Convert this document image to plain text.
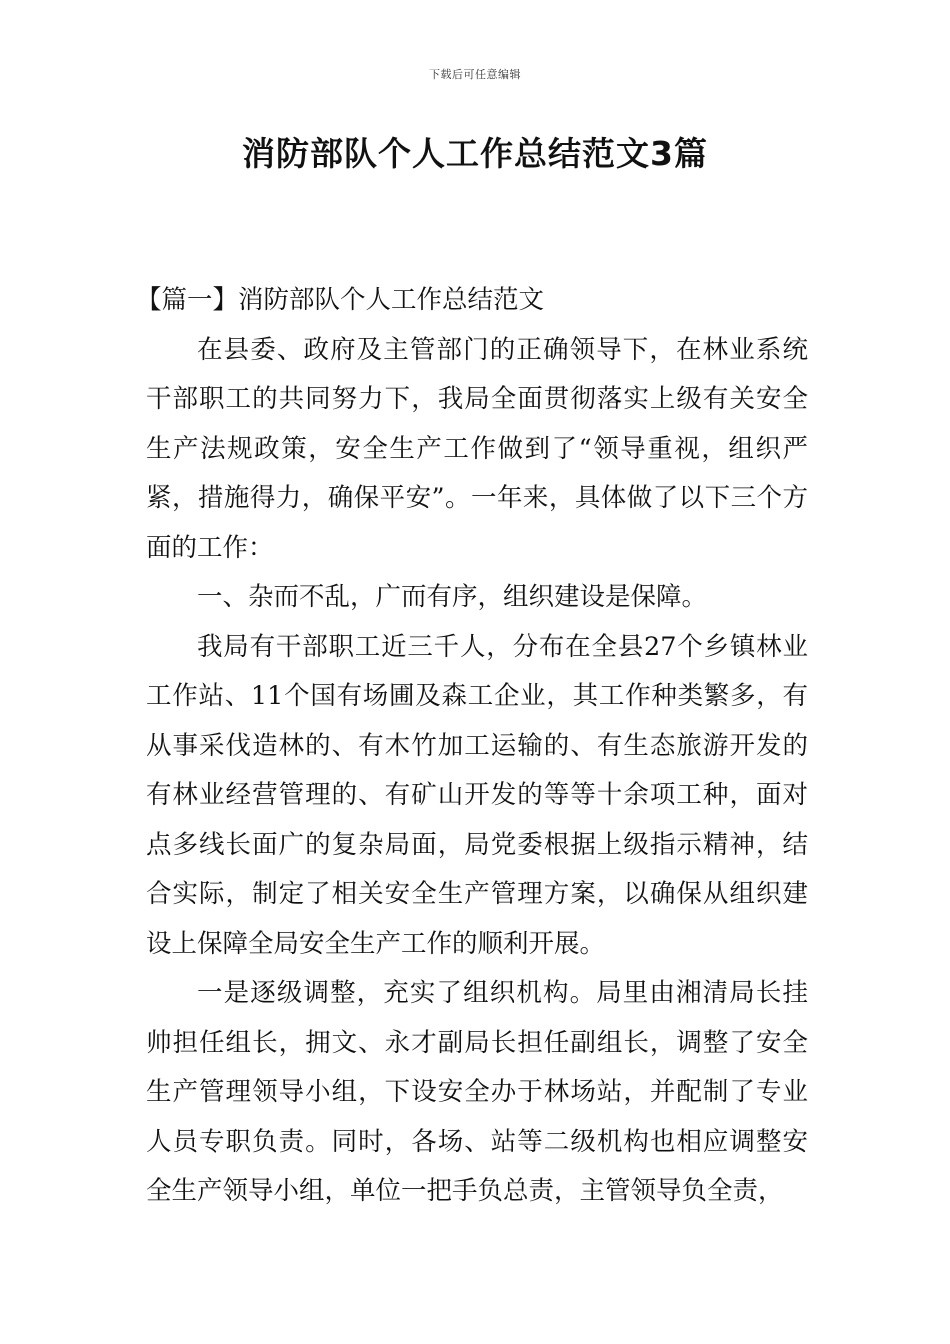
下载后可任意编辑
消防部队个人工作总结范文3篇

【篇一】消防部队个人工作总结范文

在县委、政府及主管部门的正确领导下，在林业系统干部职工的共同努力下，我局全面贯彻落实上级有关安全生产法规政策，安全生产工作做到了“领导重视，组织严紧，措施得力，确保平安”。一年来，具体做了以下三个方面的工作：

一、杂而不乱，广而有序，组织建设是保障。

我局有干部职工近三千人，分布在全县27个乡镇林业工作站、11个国有场圃及森工企业，其工作种类繁多，有从事采伐造林的、有木竹加工运输的、有生态旅游开发的有林业经营管理的、有矿山开发的等等十余项工种，面对点多线长面广的复杂局面，局党委根据上级指示精神，结合实际，制定了相关安全生产管理方案，以确保从组织建设上保障全局安全生产工作的顺利开展。

一是逐级调整，充实了组织机构。局里由湘清局长挂帅担任组长，拥文、永才副局长担任副组长，调整了安全生产管理领导小组，下设安全办于林场站，并配制了专业人员专职负责。同时，各场、站等二级机构也相应调整安全生产领导小组，单位一把手负总责，主管领导负全责，
